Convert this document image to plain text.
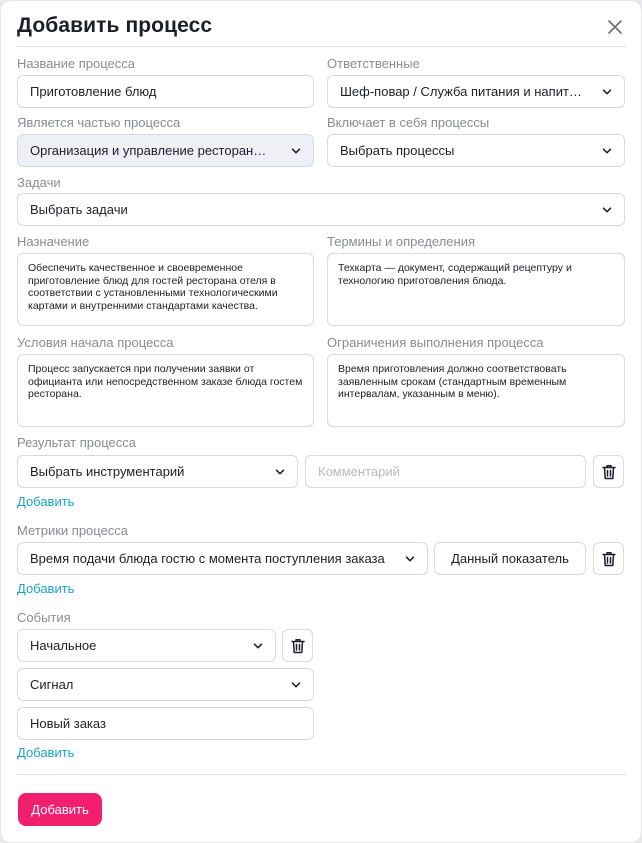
Добавить процесс
Название процесса	Ответственные
Приготовление блюд	Шеф-повар / Служба питания и напит…
Является частью процесса	Включает в себя процессы
Организация и управление ресторан…	Выбрать процессы
Задачи
Выбрать задачи
Назначение	Термины и определения
Обеспечить качественное и своевременное приготовление блюд для гостей ресторана отеля в соответствии с установленными технологическими картами и внутренними стандартами качества.
Техкарта — документ, содержащий рецептуру и технологию приготовления блюда.
Условия начала процесса	Ограничения выполнения процесса
Процесс запускается при получении заявки от официанта или непосредственном заказе блюда гостем ресторана.
Время приготовления должно соответствовать заявленным срокам (стандартным временным интервалам, указанным в меню).
Результат процесса
Выбрать инструментарий	Комментарий
Добавить
Метрики процесса
Время подачи блюда гостю с момента поступления заказа	Данный показатель
Добавить
События
Начальное
Сигнал
Новый заказ
Добавить
Добавить
